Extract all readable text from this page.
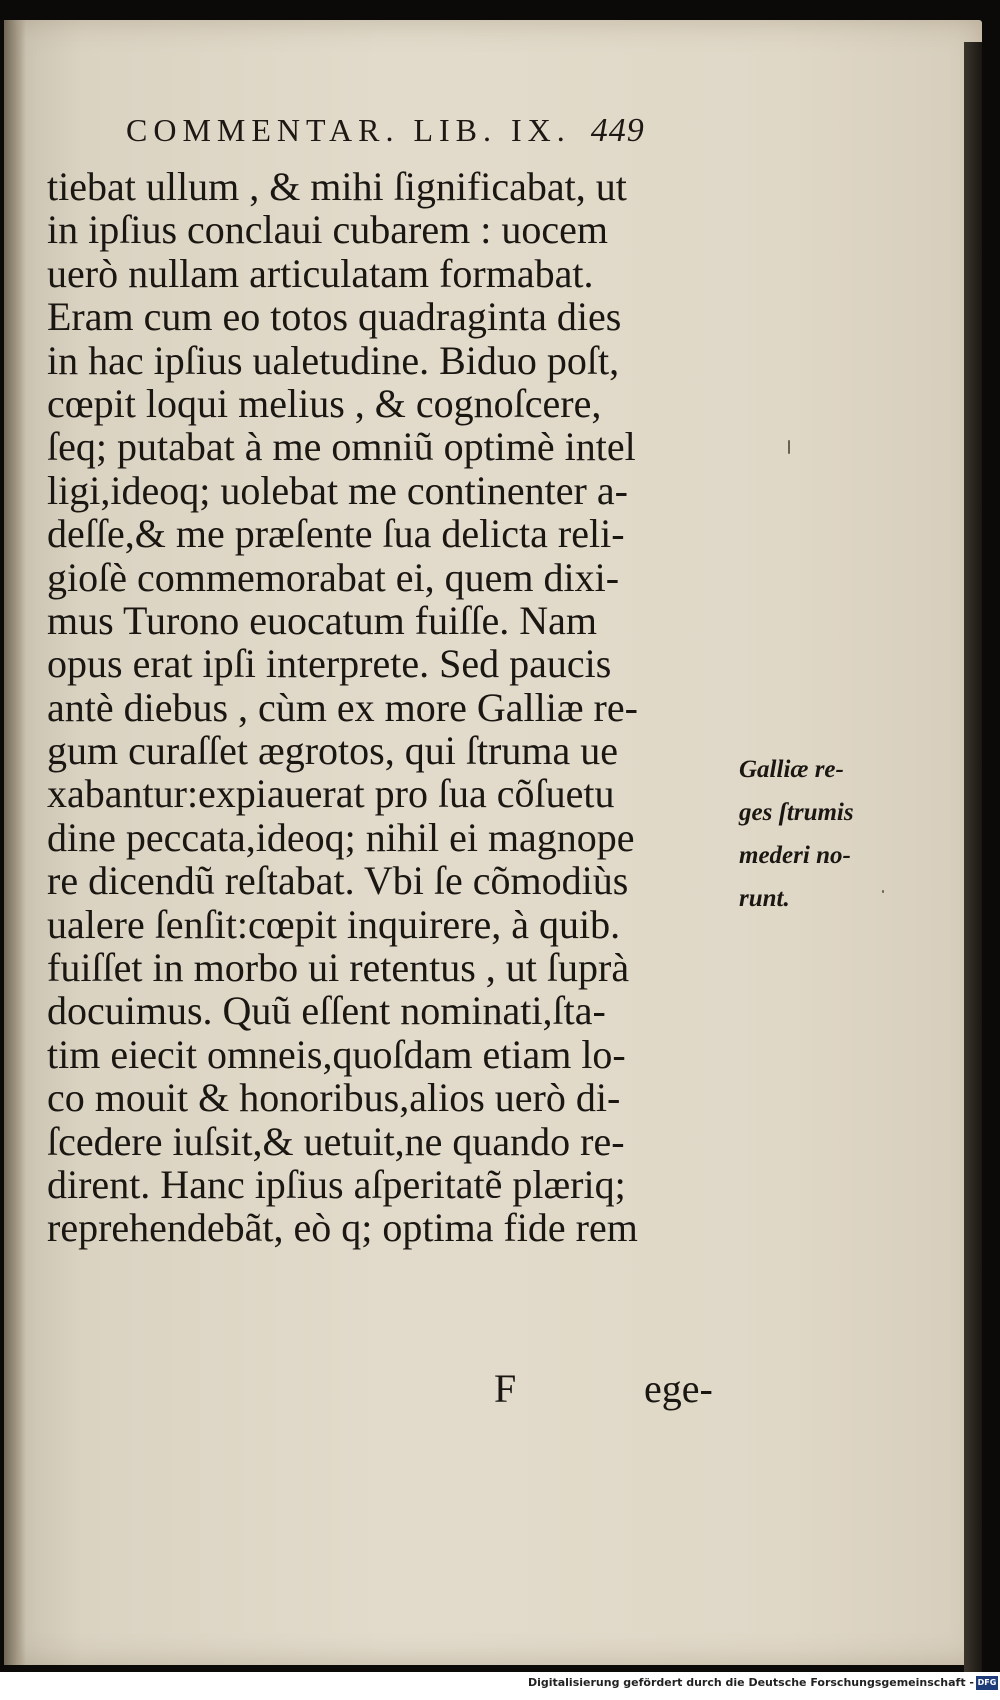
COMMENTAR. LIB. IX. 449
tiebat ullum , & mihi ſignificabat, ut
in ipſius conclaui cubarem : uocem
uerò nullam articulatam formabat.
Eram cum eo totos quadraginta dies
in hac ipſius ualetudine. Biduo poſt,
cœpit loqui melius , & cognoſcere,
ſeq; putabat à me omniũ optimè intel
ligi,ideoq; uolebat me continenter a-
deſſe,& me præſente ſua delicta reli-
gioſè commemorabat ei, quem dixi-
mus Turono euocatum fuiſſe. Nam
opus erat ipſi interprete. Sed paucis
antè diebus , cùm ex more Galliæ re-
gum curaſſet ægrotos, qui ſtruma ue
xabantur:expiauerat pro ſua cõſuetu
dine peccata,ideoq; nihil ei magnope
re dicendũ reſtabat. Vbi ſe cõmodiùs
ualere ſenſit:cœpit inquirere, à quib.
fuiſſet in morbo ui retentus , ut ſuprà
docuimus. Quũ eſſent nominati,ſta-
tim eiecit omneis,quoſdam etiam lo-
co mouit & honoribus,alios uerò di-
ſcedere iuſsit,& uetuit,ne quando re-
dirent. Hanc ipſius aſperitatẽ plæriq;
reprehendebãt, eò q; optima fide rem
F	ege-
Galliæ re-
ges ſtrumis
mederi no-
runt.
Digitalisierung gefördert durch die Deutsche Forschungsgemeinschaft - DFG
